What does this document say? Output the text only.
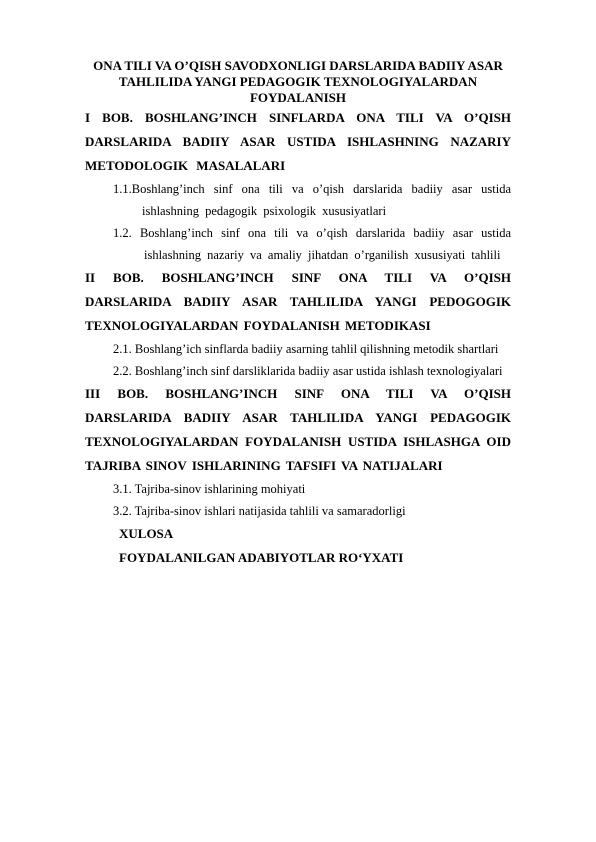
ONA TILI VA O’QISH SAVODXONLIGI DARSLARIDA BADIIY ASAR TAHLILIDA YANGI PEDAGOGIK TEXNOLOGIYALARDAN FOYDALANISH

I BOB. BOSHLANG’INCH SINFLARDA ONA TILI VA O’QISH DARSLARIDA BADIIY ASAR USTIDA ISHLASHNING NAZARIY METODOLOGIK MASALALARI

1.1.Boshlang’inch sinf ona tili va o’qish darslarida badiiy asar ustida ishlashning pedagogik psixologik xususiyatlari

1.2. Boshlang’inch sinf ona tili va o’qish darslarida badiiy asar ustida ishlashning nazariy va amaliy jihatdan o’rganilish xususiyati tahlili

II BOB. BOSHLANG’INCH SINF ONA TILI VA O’QISH DARSLARIDA BADIIY ASAR TAHLILIDA YANGI PEDOGOGIK TEXNOLOGIYALARDAN FOYDALANISH METODIKASI

2.1. Boshlang’ich sinflarda badiiy asarning tahlil qilishning metodik shartlari

2.2. Boshlang’inch sinf darsliklarida badiiy asar ustida ishlash texnologiyalari

III BOB. BOSHLANG’INCH SINF ONA TILI VA O’QISH DARSLARIDA BADIIY ASAR TAHLILIDA YANGI PEDAGOGIK TEXNOLOGIYALARDAN FOYDALANISH USTIDA ISHLASHGA OID TAJRIBA SINOV ISHLARINING TAFSIFI VA NATIJALARI

3.1. Tajriba-sinov ishlarining mohiyati

3.2. Tajriba-sinov ishlari natijasida tahlili va samaradorligi

XULOSA

FOYDALANILGAN ADABIYOTLAR RO‘YXATI
